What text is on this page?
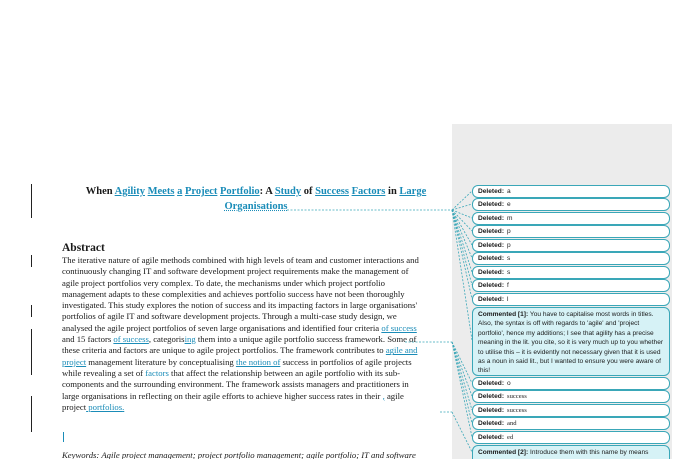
When Agility Meets a Project Portfolio: A Study of Success Factors in Large
Organisations
Abstract
The iterative nature of agile methods combined with high levels of team and customer interactions and
continuously changing IT and software development project requirements make the management of
agile project portfolios very complex. To date, the mechanisms under which project portfolio
management adapts to these complexities and achieves portfolio success have not been thoroughly
investigated. This study explores the notion of success and its impacting factors in large organisations'
portfolios of agile IT and software development projects. Through a multi-case study design, we
analysed the agile project portfolios of seven large organisations and identified four criteria of success
and 15 factors of success, categorising them into a unique agile portfolio success framework. Some of
these criteria and factors are unique to agile project portfolios. The framework contributes to agile and
project management literature by conceptualising the notion of success in portfolios of agile projects
while revealing a set of factors that affect the relationship between an agile portfolio with its sub-
components and the surrounding environment. The framework assists managers and practitioners in
large organisations in reflecting on their agile efforts to achieve higher success rates in their , agile
project portfolios.
Keywords: Agile project management; project portfolio management; agile portfolio; IT and software
Deleted: a
Deleted: e
Deleted: m
Deleted: p
Deleted: p
Deleted: s
Deleted: s
Deleted: f
Deleted: l
Commented [1]: You have to capitalise most words in titles. Also, the syntax is off with regards to 'agile' and 'project portfolio', hence my additions; I see that agility has a precise meaning in the lit. you cite, so it is very much up to you whether to utilise this – it is evidently not necessary given that it is used as a noun in said lit., but I wanted to ensure you were aware of this!
Deleted: o
Deleted: success
Deleted: success
Deleted: and
Deleted: ed
Commented [2]: Introduce them with this name by means
